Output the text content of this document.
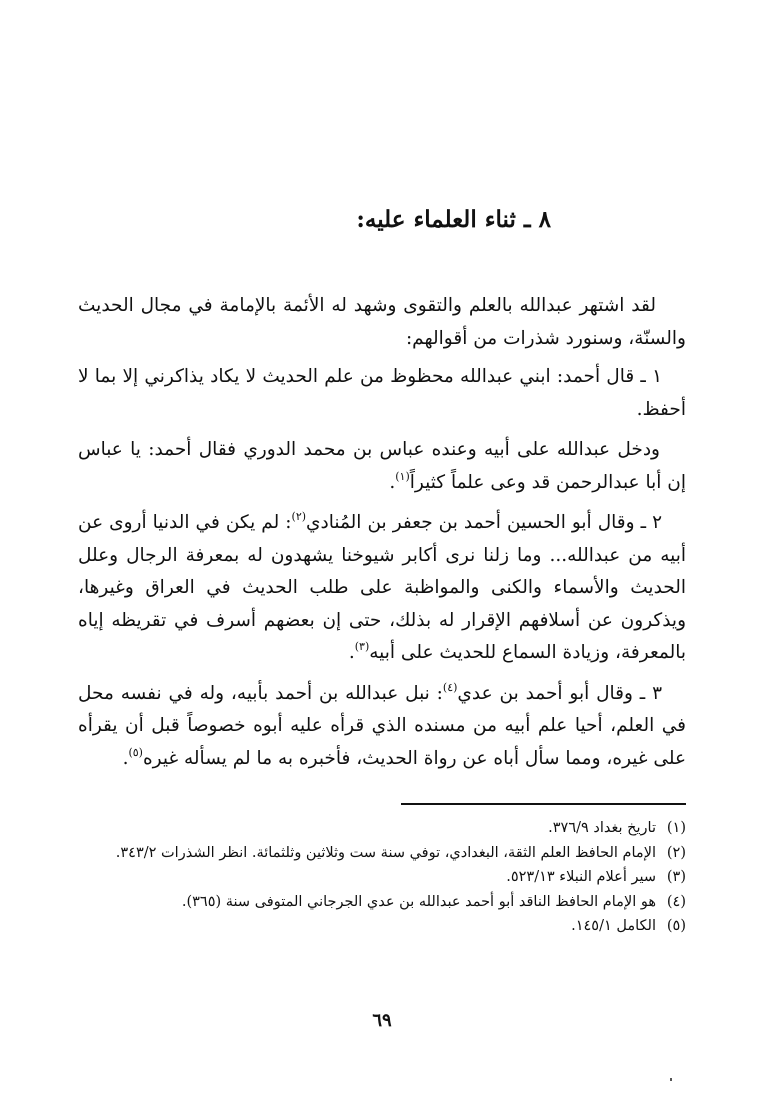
٨ ـ ثناء العلماء عليه:

لقد اشتهر عبدالله بالعلم والتقوى وشهد له الأئمة بالإمامة في مجال الحديث والسنّة، وسنورد شذرات من أقوالهم:

١ ـ قال أحمد: ابني عبدالله محظوظ من علم الحديث لا يكاد يذاكرني إلا بما لا أحفظ.

ودخل عبدالله على أبيه وعنده عباس بن محمد الدوري فقال أحمد: يا عباس إن أبا عبدالرحمن قد وعى علماً كثيراً$^{(١)}$.

٢ ـ وقال أبو الحسين أحمد بن جعفر بن المُنادي$^{(٢)}$: لم يكن في الدنيا أروى عن أبيه من عبدالله... وما زلنا نرى أكابر شيوخنا يشهدون له بمعرفة الرجال وعلل الحديث والأسماء والكنى والمواظبة على طلب الحديث في العراق وغيرها، ويذكرون عن أسلافهم الإقرار له بذلك، حتى إن بعضهم أسرف في تقريظه إياه بالمعرفة، وزيادة السماع للحديث على أبيه$^{(٣)}$.

٣ ـ وقال أبو أحمد بن عدي$^{(٤)}$: نبل عبدالله بن أحمد بأبيه، وله في نفسه محل في العلم، أحيا علم أبيه من مسنده الذي قرأه عليه أبوه خصوصاً قبل أن يقرأه على غيره، ومما سأل أباه عن رواة الحديث، فأخبره به ما لم يسأله غيره$^{(٥)}$.

(١)
تاريخ بغداد ٣٧٦/٩.

(٢)
الإمام الحافظ العلم الثقة، البغدادي، توفي سنة ست وثلاثين وثلثمائة. انظر الشذرات ٣٤٣/٢.

(٣)
سير أعلام النبلاء ٥٢٣/١٣.

(٤)
هو الإمام الحافظ الناقد أبو أحمد عبدالله بن عدي الجرجاني المتوفى سنة (٣٦٥).

(٥)
الكامل ١٤٥/١.

٦٩
